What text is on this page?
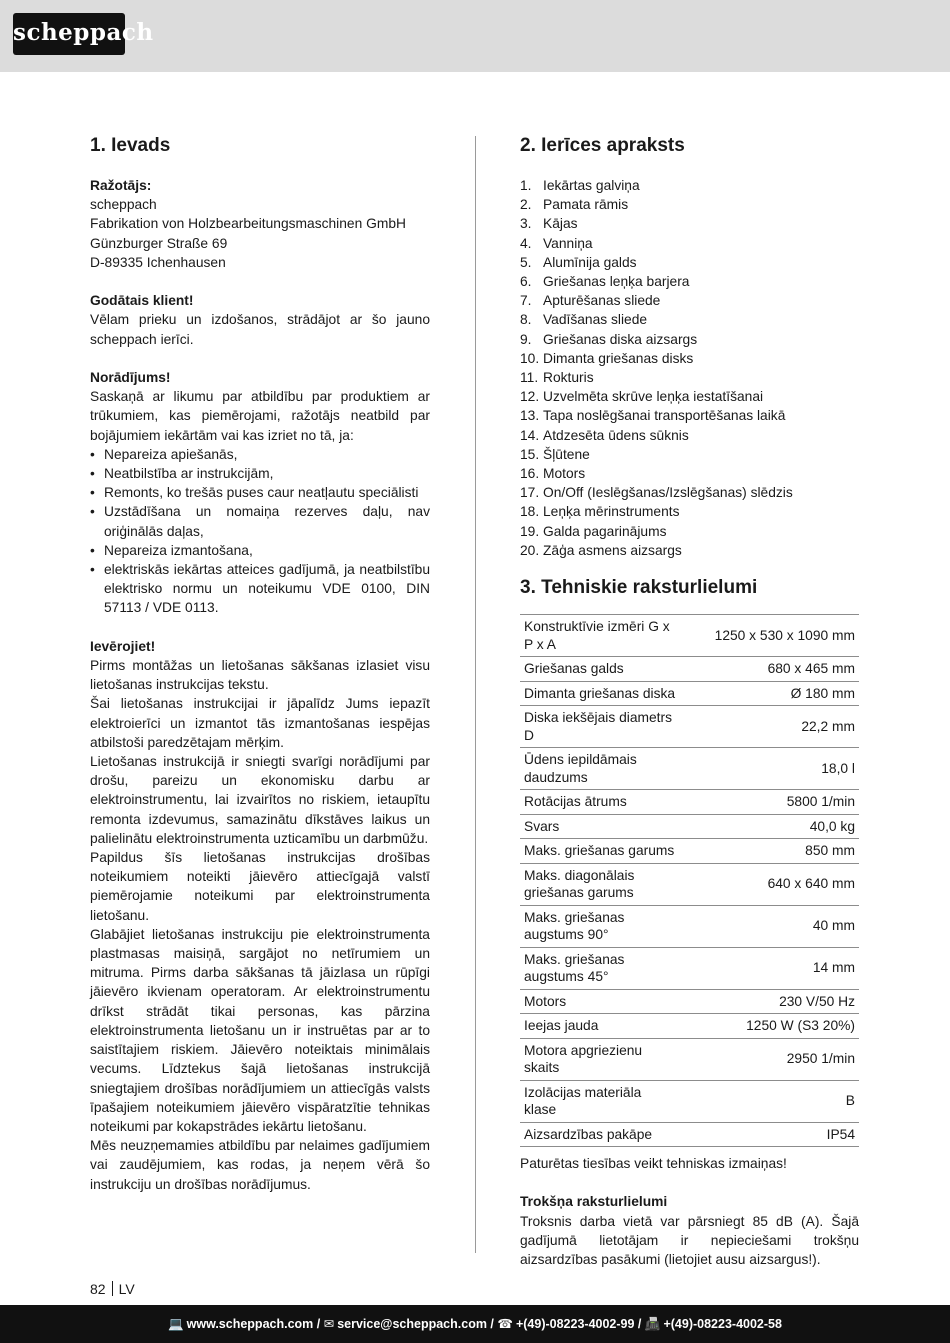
scheppach
1. Ievads

Ražotājs:

scheppach

Fabrikation von Holzbearbeitungsmaschinen GmbH

Günzburger Straße 69

D-89335 Ichenhausen

Godātais klient!

Vēlam prieku un izdošanos, strādājot ar šo jauno scheppach ierīci.

Norādījums!

Saskaņā ar likumu par atbildību par produktiem ar trūkumiem, kas piemērojami, ražotājs neatbild par bojājumiem iekārtām vai kas izriet no tā, ja:

• Nepareiza apiešanās,
• Neatbilstība ar instrukcijām,
• Remonts, ko trešās puses caur neatļautu speciālisti
• Uzstādīšana un nomaiņa rezerves daļu, nav oriģinālās daļas,
• Nepareiza izmantošana,
• elektriskās iekārtas atteices gadījumā, ja neatbilstību elektrisko normu un noteikumu VDE 0100, DIN 57113 / VDE 0113.

Ievērojiet!

Pirms montāžas un lietošanas sākšanas izlasiet visu lietošanas instrukcijas tekstu.

Šai lietošanas instrukcijai ir jāpalīdz Jums iepazīt elektroierīci un izmantot tās izmantošanas iespējas atbilstoši paredzētajam mērķim.

Lietošanas instrukcijā ir sniegti svarīgi norādījumi par drošu, pareizu un ekonomisku darbu ar elektroinstrumentu, lai izvairītos no riskiem, ietaupītu remonta izdevumus, samazinātu dīkstāves laikus un palielinātu elektroinstrumenta uzticamību un darbmūžu.

Papildus šīs lietošanas instrukcijas drošības noteikumiem noteikti jāievēro attiecīgajā valstī piemērojamie noteikumi par elektroinstrumenta lietošanu.

Glabājiet lietošanas instrukciju pie elektroinstrumenta plastmasas maisiņā, sargājot no netīrumiem un mitruma. Pirms darba sākšanas tā jāizlasa un rūpīgi jāievēro ikvienam operatoram. Ar elektroinstrumentu drīkst strādāt tikai personas, kas pārzina elektroinstrumenta lietošanu un ir instruētas par ar to saistītajiem riskiem. Jāievēro noteiktais minimālais vecums. Līdztekus šajā lietošanas instrukcijā sniegtajiem drošības norādījumiem un attiecīgās valsts īpašajiem noteikumiem jāievēro vispāratzītie tehnikas noteikumi par kokapstrādes iekārtu lietošanu.

Mēs neuzņemamies atbildību par nelaimes gadījumiem vai zaudējumiem, kas rodas, ja neņem vērā šo instrukciju un drošības norādījumus.

2. Ierīces apraksts
1. Iekārtas galviņa
2. Pamata rāmis
3. Kājas
4. Vanniņa
5. Alumīnija galds
6. Griešanas leņķa barjera
7. Apturēšanas sliede
8. Vadīšanas sliede
9. Griešanas diska aizsargs
10. Dimanta griešanas disks
11. Rokturis
12. Uzvelmēta skrūve leņķa iestatīšanai
13. Tapa noslēgšanai transportēšanas laikā
14. Atdzesēta ūdens sūknis
15. Šļūtene
16. Motors
17. On/Off (Ieslēgšanas/Izslēgšanas) slēdzis
18. Leņķa mērinstruments
19. Galda pagarinājums
20. Zāģa asmens aizsargs
3. Tehniskie raksturlielumi
Konstruktīvie izmēri G x P x A	1250 x 530 x 1090 mm
Griešanas galds	680 x 465 mm
Dimanta griešanas diska	Ø 180 mm
Diska iekšējais diametrs D	22,2 mm
Ūdens iepildāmais daudzums	18,0 l
Rotācijas ātrums	5800 1/min
Svars	40,0 kg
Maks. griešanas garums	850 mm
Maks. diagonālais griešanas garums	640 x 640 mm
Maks. griešanas augstums 90°	40 mm
Maks. griešanas augstums 45°	14 mm
Motors	230 V/50 Hz
Ieejas jauda	1250 W (S3 20%)
Motora apgriezienu skaits	2950 1/min
Izolācijas materiāla klase	B
Aizsardzības pakāpe	IP54

Paturētas tiesības veikt tehniskas izmaiņas!

Trokšņa raksturlielumi

Troksnis darba vietā var pārsniegt 85 dB (A). Šajā gadījumā lietotājam ir nepieciešami trokšņu aizsardzības pasākumi (lietojiet ausu aizsargus!).

82 LV
💻 www.scheppach.com / ✉ service@scheppach.com / ☎ +(49)-08223-4002-99 / 📠 +(49)-08223-4002-58
